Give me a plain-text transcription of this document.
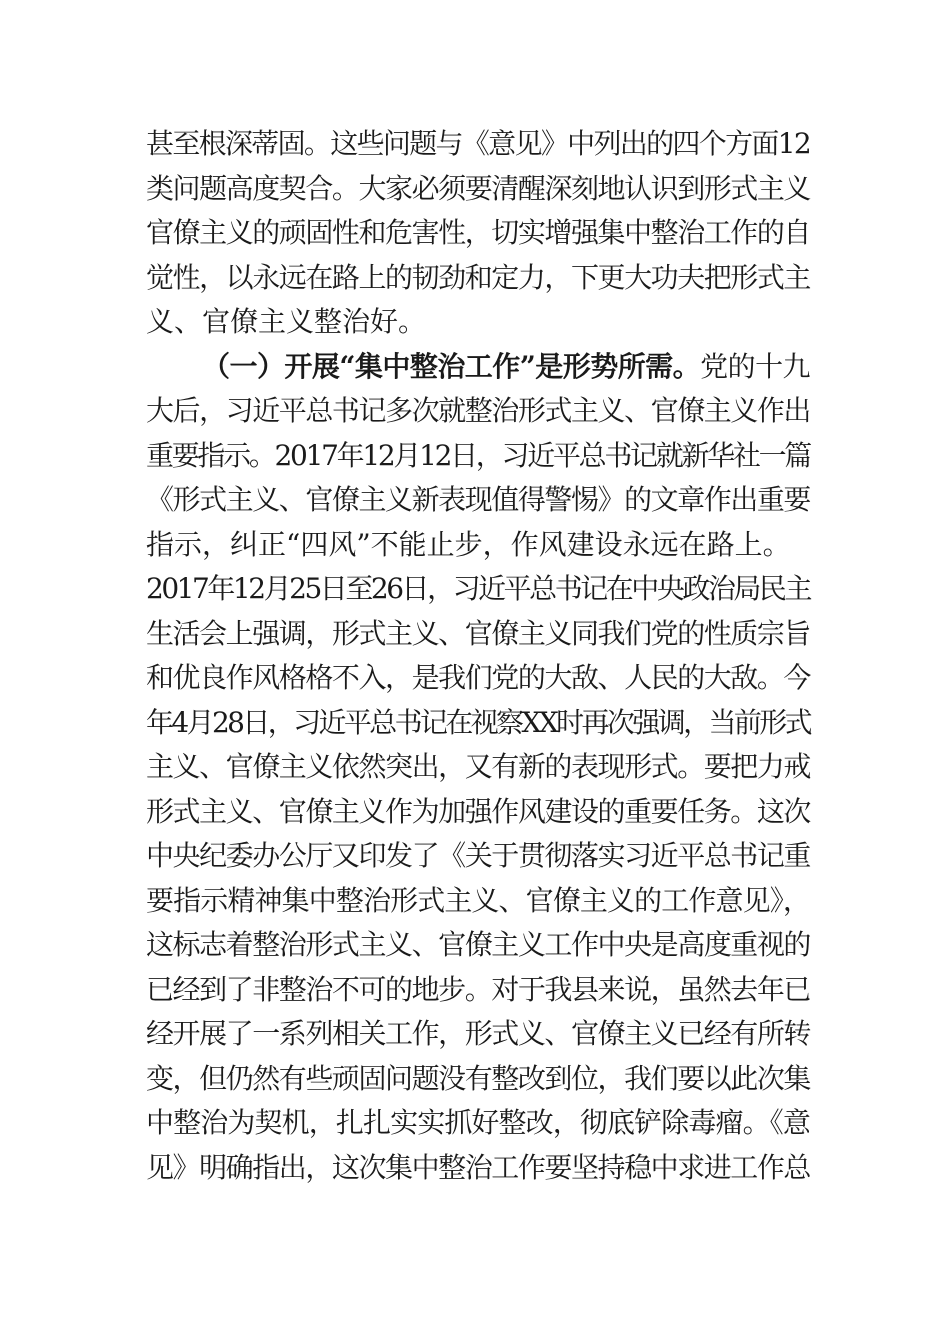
甚至根深蒂固。这些问题与《意见》中列出的四个方面12
类问题高度契合。大家必须要清醒深刻地认识到形式主义
官僚主义的顽固性和危害性，切实增强集中整治工作的自
觉性，以永远在路上的韧劲和定力，下更大功夫把形式主
义、官僚主义整治好。
（一）开展“集中整治工作”是形势所需。党的十九
大后，习近平总书记多次就整治形式主义、官僚主义作出
重要指示。2017年12月12日，习近平总书记就新华社一篇
《形式主义、官僚主义新表现值得警惕》的文章作出重要
指示，纠正“四风”不能止步，作风建设永远在路上。
2017年12月25日至26日，习近平总书记在中央政治局民主
生活会上强调，形式主义、官僚主义同我们党的性质宗旨
和优良作风格格不入，是我们党的大敌、人民的大敌。今
年4月28日，习近平总书记在视察XX时再次强调，当前形式
主义、官僚主义依然突出，又有新的表现形式。要把力戒
形式主义、官僚主义作为加强作风建设的重要任务。这次
中央纪委办公厅又印发了《关于贯彻落实习近平总书记重
要指示精神集中整治形式主义、官僚主义的工作意见》，
这标志着整治形式主义、官僚主义工作中央是高度重视的
已经到了非整治不可的地步。对于我县来说，虽然去年已
经开展了一系列相关工作，形式义、官僚主义已经有所转
变，但仍然有些顽固问题没有整改到位，我们要以此次集
中整治为契机，扎扎实实抓好整改，彻底铲除毒瘤。《意
见》明确指出，这次集中整治工作要坚持稳中求进工作总
